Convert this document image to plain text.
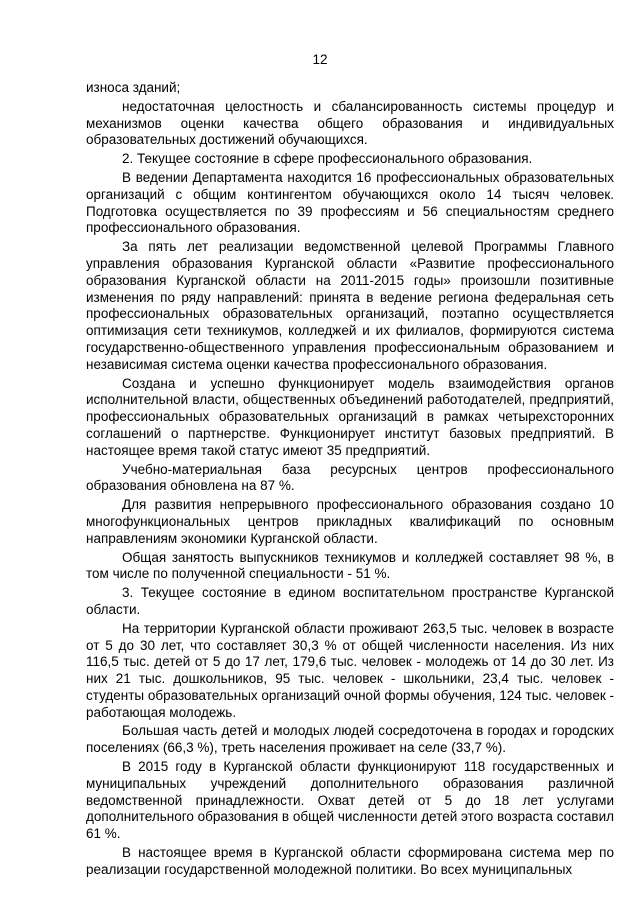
12

износа зданий;

недостаточная целостность и сбалансированность системы процедур и механизмов оценки качества общего образования и индивидуальных образовательных достижений обучающихся.

2. Текущее состояние в сфере профессионального образования.

В ведении Департамента находится 16 профессиональных образовательных организаций с общим контингентом обучающихся около 14 тысяч человек. Подготовка осуществляется по 39 профессиям и 56 специальностям среднего профессионального образования.

За пять лет реализации ведомственной целевой Программы Главного управления образования Курганской области «Развитие профессионального образования Курганской области на 2011-2015 годы» произошли позитивные изменения по ряду направлений: принята в ведение региона федеральная сеть профессиональных образовательных организаций, поэтапно осуществляется оптимизация сети техникумов, колледжей и их филиалов, формируются система государственно-общественного управления профессиональным образованием и независимая система оценки качества профессионального образования.

Создана и успешно функционирует модель взаимодействия органов исполнительной власти, общественных объединений работодателей, предприятий, профессиональных образовательных организаций в рамках четырехсторонних соглашений о партнерстве. Функционирует институт базовых предприятий. В настоящее время такой статус имеют 35 предприятий.

Учебно-материальная база ресурсных центров профессионального образования обновлена на 87 %.

Для развития непрерывного профессионального образования создано 10 многофункциональных центров прикладных квалификаций по основным направлениям экономики Курганской области.

Общая занятость выпускников техникумов и колледжей составляет 98 %, в том числе по полученной специальности - 51 %.

3. Текущее состояние в едином воспитательном пространстве Курганской области.

На территории Курганской области проживают 263,5 тыс. человек в возрасте от 5 до 30 лет, что составляет 30,3 % от общей численности населения. Из них 116,5 тыс. детей от 5 до 17 лет, 179,6 тыс. человек - молодежь от 14 до 30 лет. Из них 21 тыс. дошкольников, 95 тыс. человек - школьники, 23,4 тыс. человек - студенты образовательных организаций очной формы обучения, 124 тыс. человек - работающая молодежь.

Большая часть детей и молодых людей сосредоточена в городах и городских поселениях (66,3 %), треть населения проживает на селе (33,7 %).

В 2015 году в Курганской области функционируют 118 государственных и муниципальных учреждений дополнительного образования различной ведомственной принадлежности. Охват детей от 5 до 18 лет услугами дополнительного образования в общей численности детей этого возраста составил 61 %.

В настоящее время в Курганской области сформирована система мер по реализации государственной молодежной политики. Во всех муниципальных
